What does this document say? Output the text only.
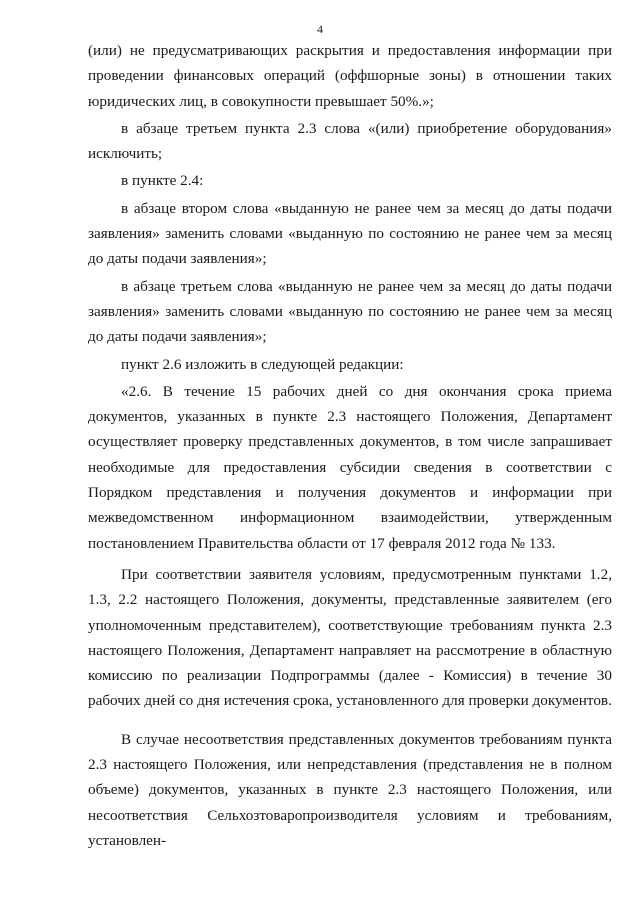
4

(или) не предусматривающих раскрытия и предоставления информации при проведении финансовых операций (оффшорные зоны) в отношении таких юридических лиц, в совокупности превышает 50%.»;

в абзаце третьем пункта 2.3 слова «(или) приобретение оборудования» исключить;

в пункте 2.4:

в абзаце втором слова «выданную не ранее чем за месяц до даты подачи заявления» заменить словами «выданную по состоянию не ранее чем за месяц до даты подачи заявления»;

в абзаце третьем слова «выданную не ранее чем за месяц до даты подачи заявления» заменить словами «выданную по состоянию не ранее чем за месяц до даты подачи заявления»;

пункт 2.6 изложить в следующей редакции:

«2.6. В течение 15 рабочих дней со дня окончания срока приема документов, указанных в пункте 2.3 настоящего Положения, Департамент осуществляет проверку представленных документов, в том числе запрашивает необходимые для предоставления субсидии сведения в соответствии с Порядком представления и получения документов и информации при межведомственном информационном взаимодействии, утвержденным постановлением Правительства области от 17 февраля 2012 года № 133.

При соответствии заявителя условиям, предусмотренным пунктами 1.2, 1.3, 2.2 настоящего Положения, документы, представленные заявителем (его уполномоченным представителем), соответствующие требованиям пункта 2.3 настоящего Положения, Департамент направляет на рассмотрение в областную комиссию по реализации Подпрограммы (далее - Комиссия) в течение 30 рабочих дней со дня истечения срока, установленного для проверки документов.

В случае несоответствия представленных документов требованиям пункта 2.3 настоящего Положения, или непредставления (представления не в полном объеме) документов, указанных в пункте 2.3 настоящего Положения, или несоответствия Сельхозтоваропроизводителя условиям и требованиям, установлен-
